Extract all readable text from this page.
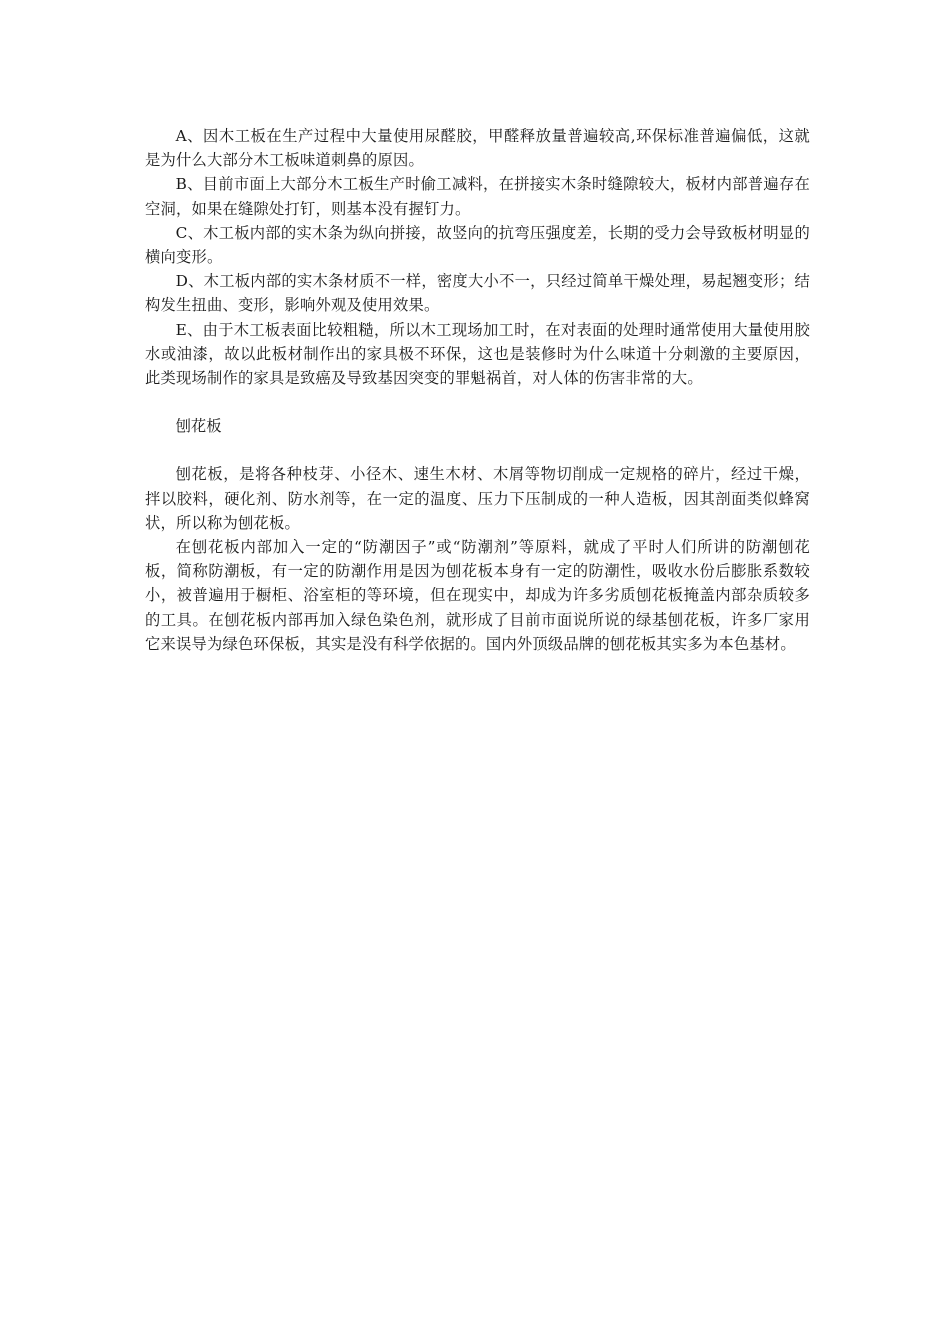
A、因木工板在生产过程中大量使用尿醛胶，甲醛释放量普遍较高,环保标准普遍偏低，这就是为什么大部分木工板味道刺鼻的原因。

B、目前市面上大部分木工板生产时偷工减料，在拼接实木条时缝隙较大，板材内部普遍存在空洞，如果在缝隙处打钉，则基本没有握钉力。

C、木工板内部的实木条为纵向拼接，故竖向的抗弯压强度差，长期的受力会导致板材明显的横向变形。

D、木工板内部的实木条材质不一样，密度大小不一，只经过简单干燥处理，易起翘变形；结构发生扭曲、变形，影响外观及使用效果。

E、由于木工板表面比较粗糙，所以木工现场加工时，在对表面的处理时通常使用大量使用胶水或油漆，故以此板材制作出的家具极不环保，这也是装修时为什么味道十分刺激的主要原因，此类现场制作的家具是致癌及导致基因突变的罪魁祸首，对人体的伤害非常的大。

刨花板

刨花板，是将各种枝芽、小径木、速生木材、木屑等物切削成一定规格的碎片，经过干燥，拌以胶料，硬化剂、防水剂等，在一定的温度、压力下压制成的一种人造板，因其剖面类似蜂窝状，所以称为刨花板。

在刨花板内部加入一定的“防潮因子”或“防潮剂”等原料，就成了平时人们所讲的防潮刨花板，简称防潮板，有一定的防潮作用是因为刨花板本身有一定的防潮性，吸收水份后膨胀系数较小，被普遍用于橱柜、浴室柜的等环境，但在现实中，却成为许多劣质刨花板掩盖内部杂质较多的工具。在刨花板内部再加入绿色染色剂，就形成了目前市面说所说的绿基刨花板，许多厂家用它来误导为绿色环保板，其实是没有科学依据的。国内外顶级品牌的刨花板其实多为本色基材。
